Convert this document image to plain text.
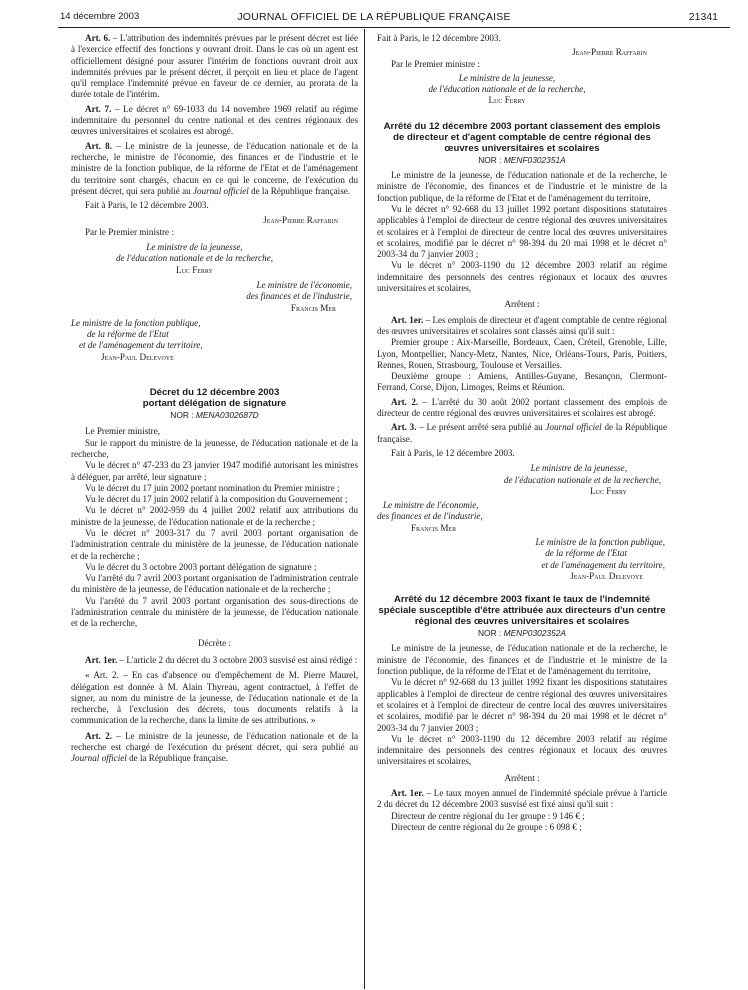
14 décembre 2003	JOURNAL OFFICIEL DE LA RÉPUBLIQUE FRANÇAISE	21341

Art. 6. – L'attribution des indemnités prévues par le présent décret est liée à l'exercice effectif des fonctions y ouvrant droit. Dans le cas où un agent est officiellement désigné pour assurer l'intérim de fonctions ouvrant droit aux indemnités prévues par le présent décret, il perçoit en lieu et place de l'agent qu'il remplace l'indemnité prévue en faveur de ce dernier, au prorata de la durée totale de l'intérim.

Art. 7. – Le décret n° 69-1033 du 14 novembre 1969 relatif au régime indemnitaire du personnel du centre national et des centres régionaux des œuvres universitaires et scolaires est abrogé.

Art. 8. – Le ministre de la jeunesse, de l'éducation nationale et de la recherche, le ministre de l'économie, des finances et de l'industrie et le ministre de la fonction publique, de la réforme de l'Etat et de l'aménagement du territoire sont chargés, chacun en ce qui le concerne, de l'exécution du présent décret, qui sera publié au Journal officiel de la République française.

Fait à Paris, le 12 décembre 2003.

Jean-Pierre Raffarin

Par le Premier ministre :

Le ministre de la jeunesse,

de l'éducation nationale et de la recherche,

Luc Ferry

Le ministre de l'économie,

des finances et de l'industrie,

Francis Mer

Le ministre de la fonction publique,

de la réforme de l'Etat

et de l'aménagement du territoire,

Jean-Paul Delevoye

Décret du 12 décembre 2003

portant délégation de signature

NOR : MENA0302687D

Le Premier ministre,

Sur le rapport du ministre de la jeunesse, de l'éducation nationale et de la recherche,

Vu le décret n° 47-233 du 23 janvier 1947 modifié autorisant les ministres à déléguer, par arrêté, leur signature ;

Vu le décret du 17 juin 2002 portant nomination du Premier ministre ;

Vu le décret du 17 juin 2002 relatif à la composition du Gouvernement ;

Vu le décret n° 2002-959 du 4 juillet 2002 relatif aux attributions du ministre de la jeunesse, de l'éducation nationale et de la recherche ;

Vu le décret n° 2003-317 du 7 avril 2003 portant organisation de l'administration centrale du ministère de la jeunesse, de l'éducation nationale et de la recherche ;

Vu le décret du 3 octobre 2003 portant délégation de signature ;

Vu l'arrêté du 7 avril 2003 portant organisation de l'administration centrale du ministère de la jeunesse, de l'éducation nationale et de la recherche ;

Vu l'arrêté du 7 avril 2003 portant organisation des sous-directions de l'administration centrale du ministère de la jeunesse, de l'éducation nationale et de la recherche,

Décrète :

Art. 1er. – L'article 2 du décret du 3 octobre 2003 susvisé est ainsi rédigé :

« Art. 2. – En cas d'absence ou d'empêchement de M. Pierre Maurel, délégation est donnée à M. Alain Thyreau, agent contractuel, à l'effet de signer, au nom du ministre de la jeunesse, de l'éducation nationale et de la recherche, à l'exclusion des décrets, tous documents relatifs à la communication de la recherche, dans la limite de ses attributions. »

Art. 2. – Le ministre de la jeunesse, de l'éducation nationale et de la recherche est chargé de l'exécution du présent décret, qui sera publié au Journal officiel de la République française.

Fait à Paris, le 12 décembre 2003.

Jean-Pierre Raffarin

Par le Premier ministre :

Le ministre de la jeunesse,

de l'éducation nationale et de la recherche,

Luc Ferry

Arrêté du 12 décembre 2003 portant classement des emplois de directeur et d'agent comptable de centre régional des œuvres universitaires et scolaires

NOR : MENF0302351A

Le ministre de la jeunesse, de l'éducation nationale et de la recherche, le ministre de l'économie, des finances et de l'industrie et le ministre de la fonction publique, de la réforme de l'Etat et de l'aménagement du territoire,

Vu le décret n° 92-668 du 13 juillet 1992 portant dispositions statutaires applicables à l'emploi de directeur de centre régional des œuvres universitaires et scolaires et à l'emploi de directeur de centre local des œuvres universitaires et scolaires, modifié par le décret n° 98-394 du 20 mai 1998 et le décret n° 2003-34 du 7 janvier 2003 ;

Vu le décret n° 2003-1190 du 12 décembre 2003 relatif au régime indemnitaire des personnels des centres régionaux et locaux des œuvres universitaires et scolaires,

Arrêtent :

Art. 1er. – Les emplois de directeur et d'agent comptable de centre régional des œuvres universitaires et scolaires sont classés ainsi qu'il suit :

Premier groupe : Aix-Marseille, Bordeaux, Caen, Créteil, Grenoble, Lille, Lyon, Montpellier, Nancy-Metz, Nantes, Nice, Orléans-Tours, Paris, Poitiers, Rennes, Rouen, Strasbourg, Toulouse et Versailles.

Deuxième groupe : Amiens, Antilles-Guyane, Besançon, Clermont-Ferrand, Corse, Dijon, Limoges, Reims et Réunion.

Art. 2. – L'arrêté du 30 août 2002 portant classement des emplois de directeur de centre régional des œuvres universitaires et scolaires est abrogé.

Art. 3. – Le présent arrêté sera publié au Journal officiel de la République française.

Fait à Paris, le 12 décembre 2003.

Le ministre de la jeunesse,

de l'éducation nationale et de la recherche,

Luc Ferry

Le ministre de l'économie,

des finances et de l'industrie,

Francis Mer

Le ministre de la fonction publique,

de la réforme de l'Etat

et de l'aménagement du territoire,

Jean-Paul Delevoye

Arrêté du 12 décembre 2003 fixant le taux de l'indemnité spéciale susceptible d'être attribuée aux directeurs d'un centre régional des œuvres universitaires et scolaires

NOR : MENP0302352A

Le ministre de la jeunesse, de l'éducation nationale et de la recherche, le ministre de l'économie, des finances et de l'industrie et le ministre de la fonction publique, de la réforme de l'Etat et de l'aménagement du territoire,

Vu le décret n° 92-668 du 13 juillet 1992 fixant les dispositions statutaires applicables à l'emploi de directeur de centre régional des œuvres universitaires et scolaires et à l'emploi de directeur de centre local des œuvres universitaires et scolaires, modifié par le décret n° 98-394 du 20 mai 1998 et le décret n° 2003-34 du 7 janvier 2003 ;

Vu le décret n° 2003-1190 du 12 décembre 2003 relatif au régime indemnitaire des personnels des centres régionaux et locaux des œuvres universitaires et scolaires,

Arrêtent :

Art. 1er. – Le taux moyen annuel de l'indemnité spéciale prévue à l'article 2 du décret du 12 décembre 2003 susvisé est fixé ainsi qu'il suit :

Directeur de centre régional du 1er groupe : 9 146 € ;

Directeur de centre régional du 2e groupe : 6 098 € ;
